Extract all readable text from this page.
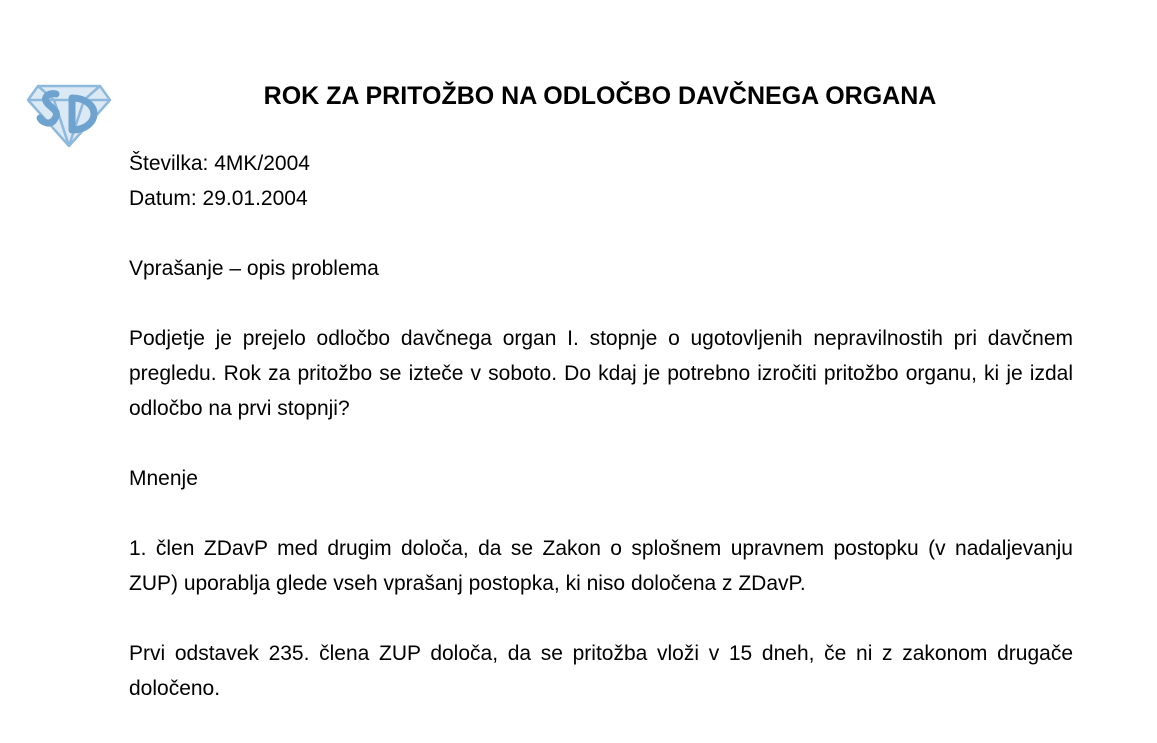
ROK ZA PRITOŽBO NA ODLOČBO DAVČNEGA ORGANA

Številka: 4MK/2004

Datum: 29.01.2004

Vprašanje – opis problema

Podjetje je prejelo odločbo davčnega organ I. stopnje o ugotovljenih nepravilnostih pri davčnem pregledu. Rok za pritožbo se izteče v soboto. Do kdaj je potrebno izročiti pritožbo organu, ki je izdal odločbo na prvi stopnji?

Mnenje

1. člen ZDavP med drugim določa, da se Zakon o splošnem upravnem postopku (v nadaljevanju ZUP) uporablja glede vseh vprašanj postopka, ki niso določena z ZDavP.

Prvi odstavek 235. člena ZUP določa, da se pritožba vloži v 15 dneh, če ni z zakonom drugače določeno.
